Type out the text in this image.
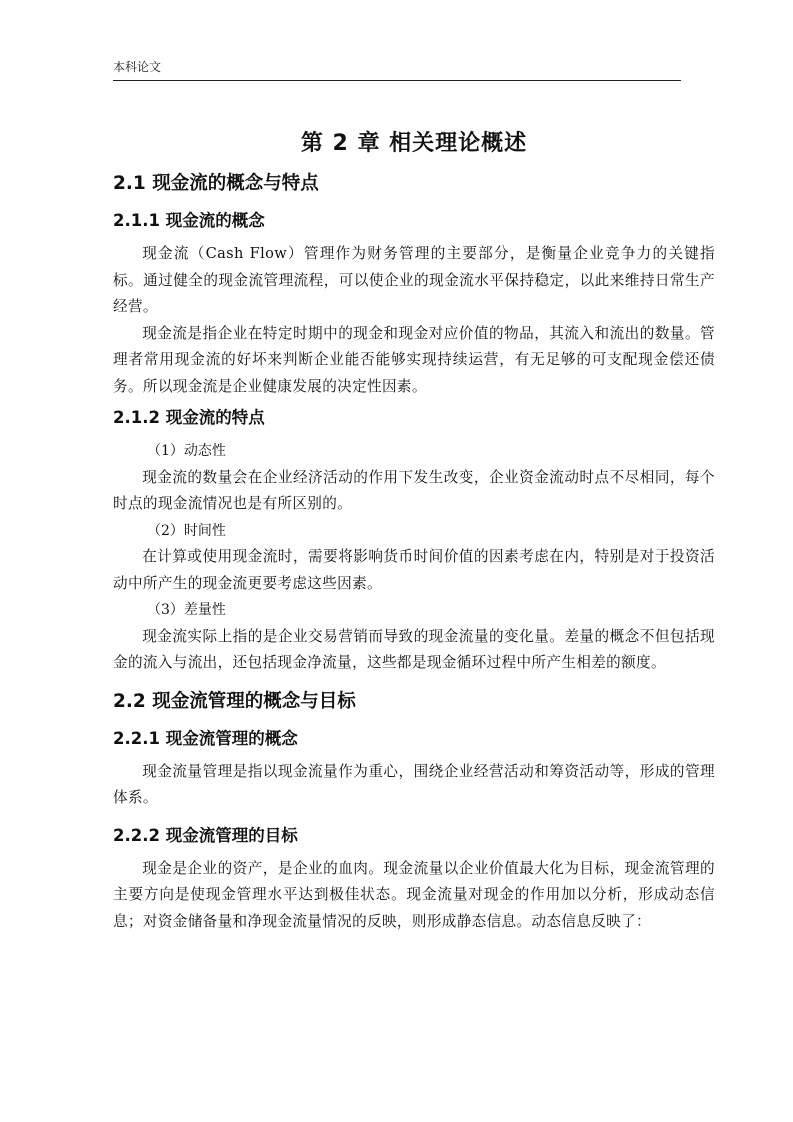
本科论文
第 2 章 相关理论概述
2.1 现金流的概念与特点
2.1.1 现金流的概念

现金流（Cash Flow）管理作为财务管理的主要部分，是衡量企业竞争力的关键指标。通过健全的现金流管理流程，可以使企业的现金流水平保持稳定，以此来维持日常生产经营。

现金流是指企业在特定时期中的现金和现金对应价值的物品，其流入和流出的数量。管理者常用现金流的好坏来判断企业能否能够实现持续运营，有无足够的可支配现金偿还债务。所以现金流是企业健康发展的决定性因素。

2.1.2 现金流的特点

（1）动态性

现金流的数量会在企业经济活动的作用下发生改变，企业资金流动时点不尽相同，每个时点的现金流情况也是有所区别的。

（2）时间性

在计算或使用现金流时，需要将影响货币时间价值的因素考虑在内，特别是对于投资活动中所产生的现金流更要考虑这些因素。

（3）差量性

现金流实际上指的是企业交易营销而导致的现金流量的变化量。差量的概念不但包括现金的流入与流出，还包括现金净流量，这些都是现金循环过程中所产生相差的额度。

2.2 现金流管理的概念与目标
2.2.1 现金流管理的概念

现金流量管理是指以现金流量作为重心，围绕企业经营活动和筹资活动等，形成的管理体系。

2.2.2 现金流管理的目标

现金是企业的资产，是企业的血肉。现金流量以企业价值最大化为目标，现金流管理的主要方向是使现金管理水平达到极佳状态。现金流量对现金的作用加以分析，形成动态信息；对资金储备量和净现金流量情况的反映，则形成静态信息。动态信息反映了：
